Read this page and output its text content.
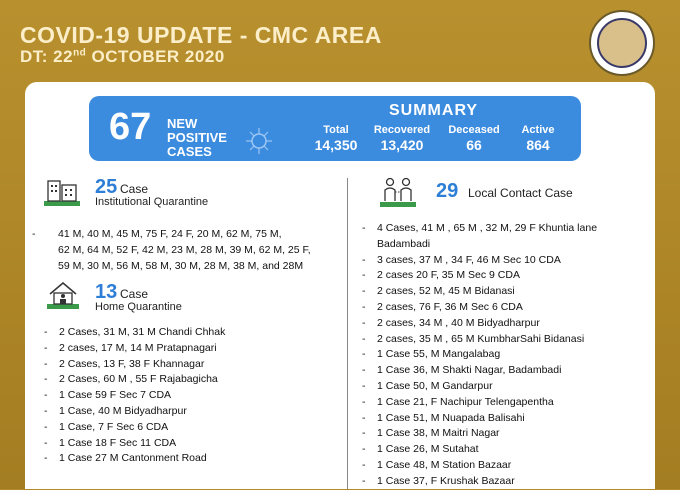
COVID-19 UPDATE - CMC AREA
DT: 22nd OCTOBER 2020
67 NEW POSITIVE CASES
SUMMARY
Total
14,350
Recovered
13,420
Deceased
66
Active
864
25 Case
Institutional Quarantine
-	41 M, 40 M, 45 M, 75 F, 24 F, 20 M, 62 M, 75 M,
62 M, 64 M, 52 F, 42 M, 23 M, 28 M, 39 M, 62 M, 25 F,
59 M, 30 M, 56 M, 58 M, 30 M, 28 M, 38 M, and 28M
13 Case
Home Quarantine
- 2 Cases, 31 M, 31 M Chandi Chhak
- 2 cases, 17 M, 14 M Pratapnagari
- 2 Cases, 13 F, 38 F Khannagar
- 2 Cases, 60 M , 55 F Rajabagicha
- 1 Case 59 F Sec 7 CDA
- 1 Case, 40 M Bidyadharpur
- 1 Case, 7 F Sec 6 CDA
- 1 Case 18 F Sec 11 CDA
- 1 Case 27 M Cantonment Road
29 Local Contact Case
- 4 Cases, 41 M , 65 M , 32 M, 29 F Khuntia lane
Badambadi
- 3 cases, 37 M , 34 F, 46 M Sec 10 CDA
- 2 cases 20 F, 35 M Sec 9 CDA
- 2 cases, 52 M, 45 M Bidanasi
- 2 cases, 76 F, 36 M Sec 6 CDA
- 2 cases, 34 M , 40 M Bidyadharpur
- 2 cases, 35 M , 65 M KumbharSahi Bidanasi
- 1 Case 55, M Mangalabag
- 1 Case 36, M Shakti Nagar, Badambadi
- 1 Case 50, M Gandarpur
- 1 Case 21, F Nachipur Telengapentha
- 1 Case 51, M Nuapada Balisahi
- 1 Case 38, M Maitri Nagar
- 1 Case 26, M Sutahat
- 1 Case 48, M Station Bazaar
- 1 Case 37, F Krushak Bazaar
